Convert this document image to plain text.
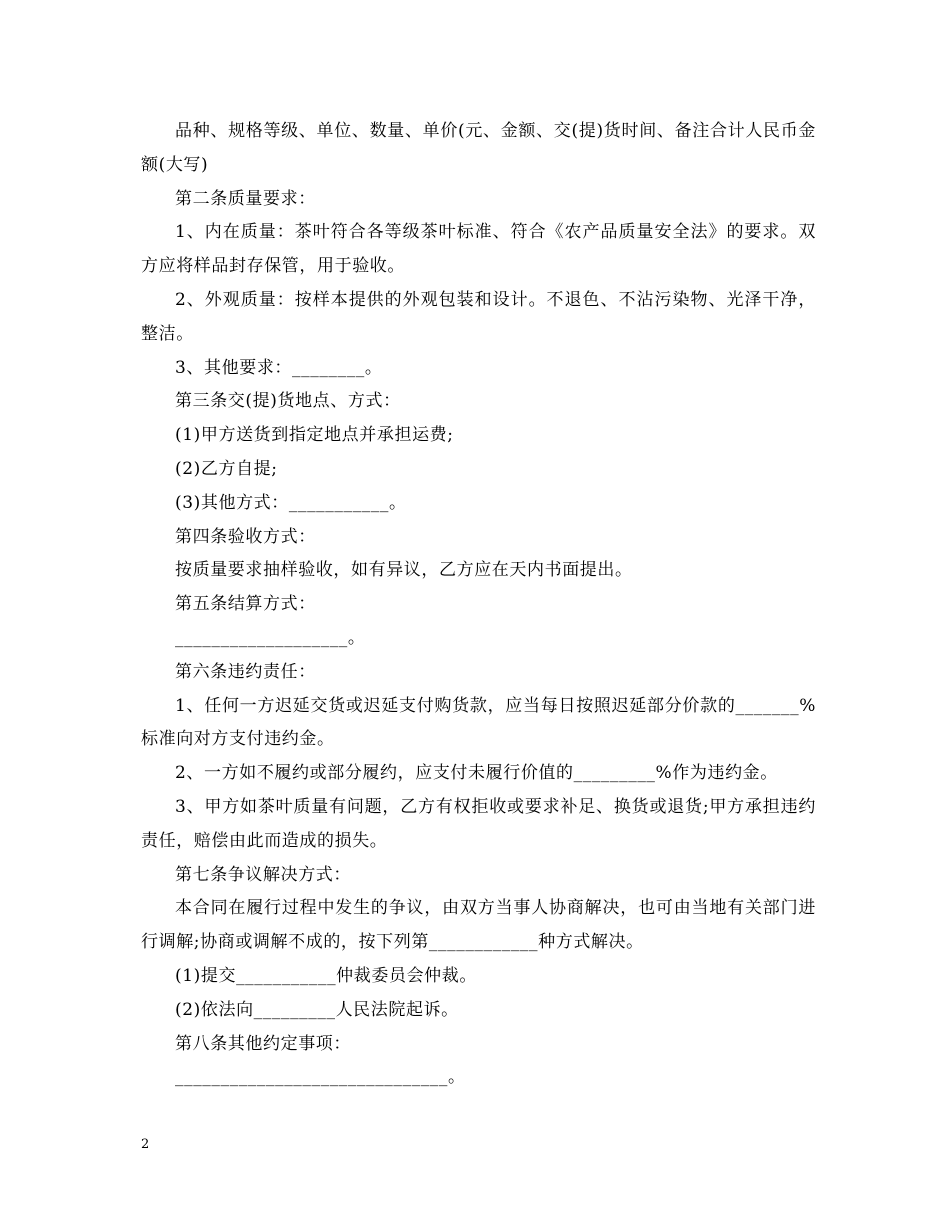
品种、规格等级、单位、数量、单价(元、金额、交(提)货时间、备注合计人民币金额(大写)

第二条质量要求：

1、内在质量：茶叶符合各等级茶叶标准、符合《农产品质量安全法》的要求。双方应将样品封存保管，用于验收。

2、外观质量：按样本提供的外观包装和设计。不退色、不沾污染物、光泽干净，整洁。

3、其他要求：________。

第三条交(提)货地点、方式：

(1)甲方送货到指定地点并承担运费;

(2)乙方自提;

(3)其他方式：___________。

第四条验收方式：

按质量要求抽样验收，如有异议，乙方应在天内书面提出。

第五条结算方式：

___________________。

第六条违约责任：

1、任何一方迟延交货或迟延支付购货款，应当每日按照迟延部分价款的_______%标准向对方支付违约金。

2、一方如不履约或部分履约，应支付未履行价值的_________%作为违约金。

3、甲方如茶叶质量有问题，乙方有权拒收或要求补足、换货或退货;甲方承担违约责任，赔偿由此而造成的损失。

第七条争议解决方式：

本合同在履行过程中发生的争议，由双方当事人协商解决，也可由当地有关部门进行调解;协商或调解不成的，按下列第____________种方式解决。

(1)提交___________仲裁委员会仲裁。

(2)依法向_________人民法院起诉。

第八条其他约定事项：

______________________________。

2
